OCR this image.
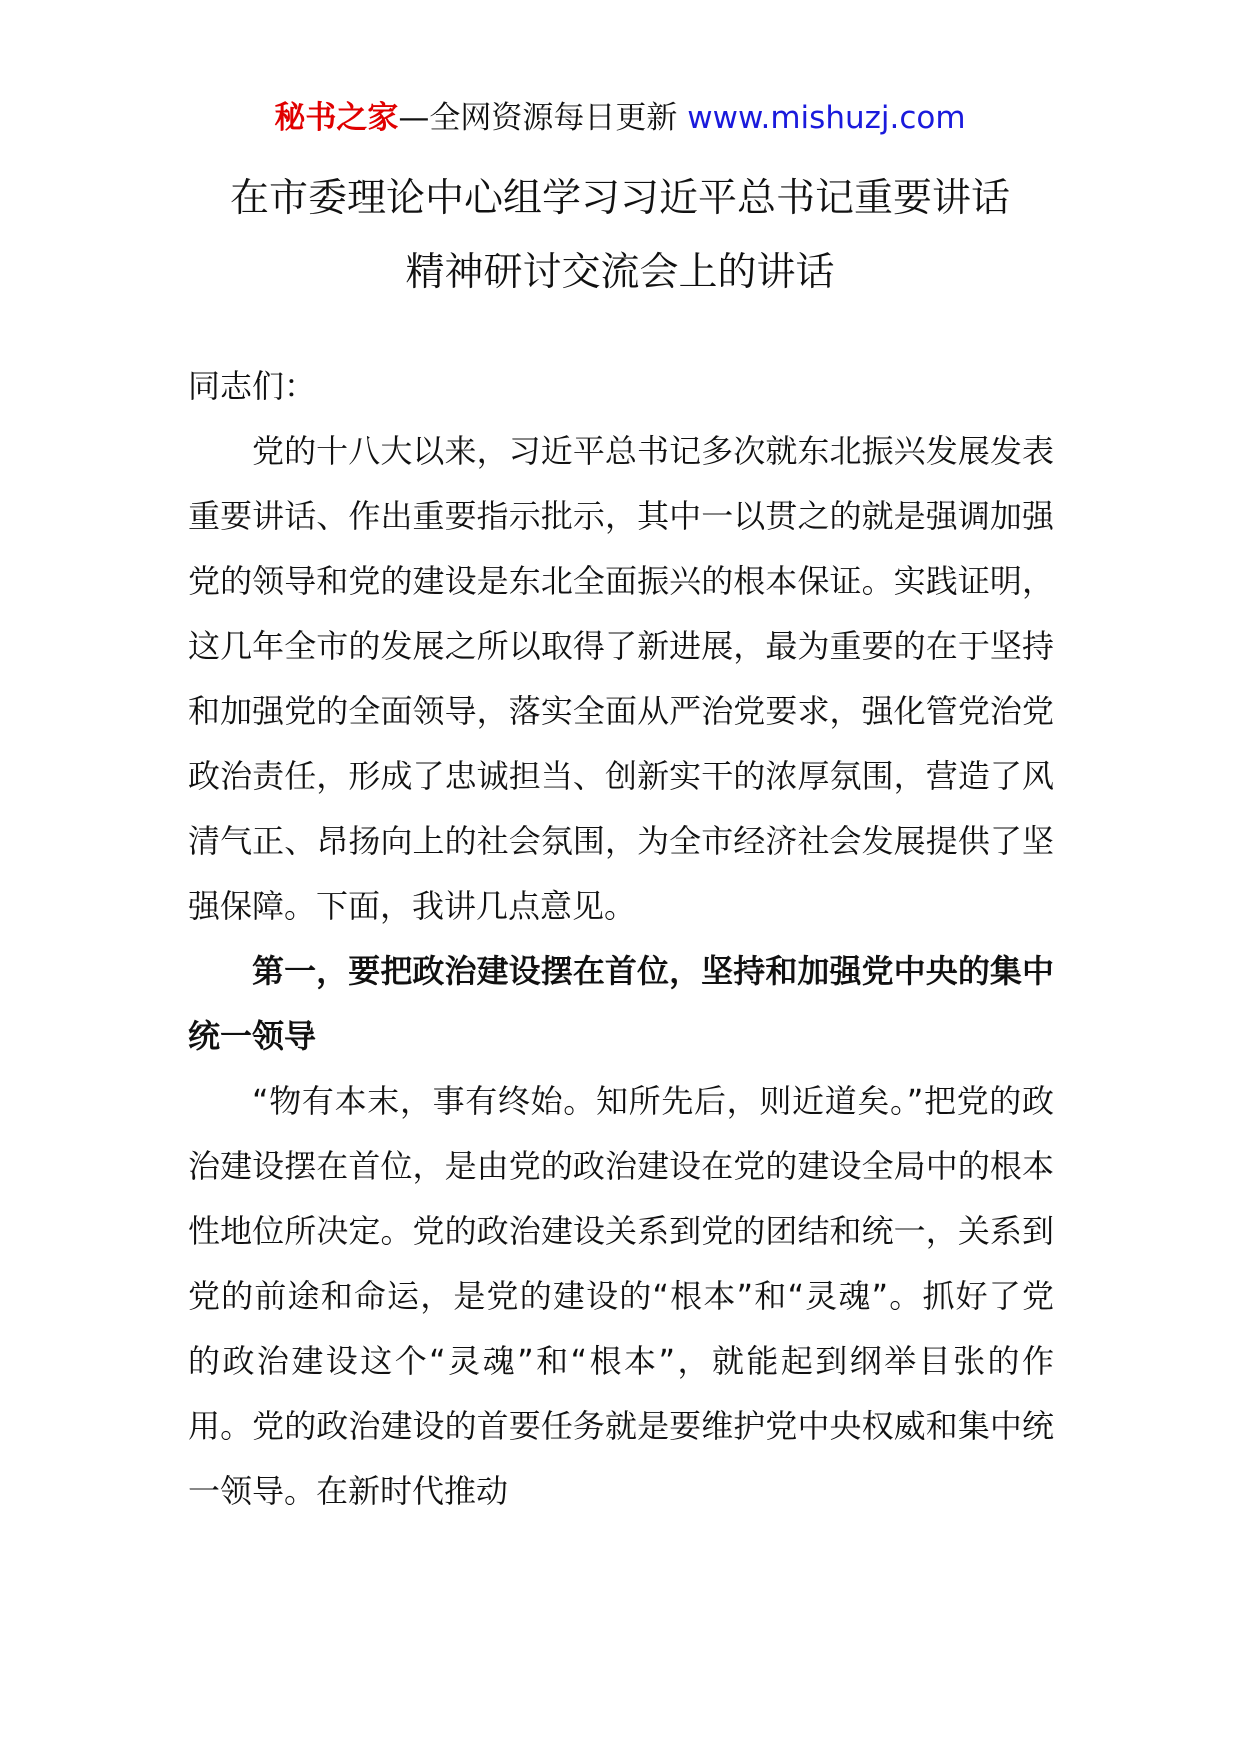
秘书之家—全网资源每日更新 www.mishuzj.com
在市委理论中心组学习习近平总书记重要讲话
精神研讨交流会上的讲话

同志们：

党的十八大以来，习近平总书记多次就东北振兴发展发表重要讲话、作出重要指示批示，其中一以贯之的就是强调加强党的领导和党的建设是东北全面振兴的根本保证。实践证明，这几年全市的发展之所以取得了新进展，最为重要的在于坚持和加强党的全面领导，落实全面从严治党要求，强化管党治党政治责任，形成了忠诚担当、创新实干的浓厚氛围，营造了风清气正、昂扬向上的社会氛围，为全市经济社会发展提供了坚强保障。下面，我讲几点意见。

第一，要把政治建设摆在首位，坚持和加强党中央的集中统一领导

“物有本末，事有终始。知所先后，则近道矣。”把党的政治建设摆在首位，是由党的政治建设在党的建设全局中的根本性地位所决定。党的政治建设关系到党的团结和统一，关系到党的前途和命运，是党的建设的“根本”和“灵魂”。抓好了党的政治建设这个“灵魂”和“根本”，就能起到纲举目张的作用。党的政治建设的首要任务就是要维护党中央权威和集中统一领导。在新时代推动
